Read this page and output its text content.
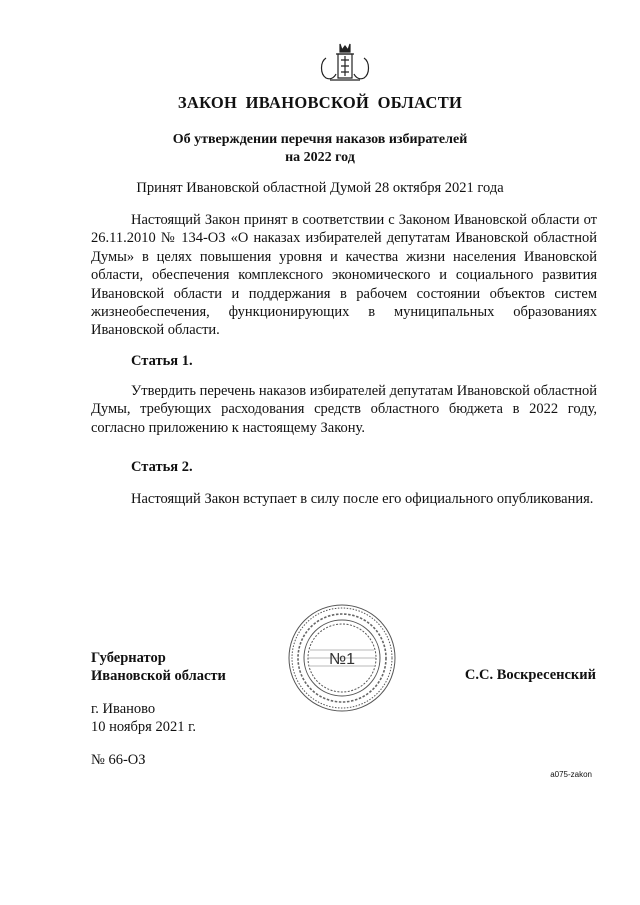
ЗАКОН ИВАНОВСКОЙ ОБЛАСТИ
Об утверждении перечня наказов избирателей
на 2022 год
Принят Ивановской областной Думой 28 октября 2021 года

Настоящий Закон принят в соответствии с Законом Ивановской области от 26.11.2010 № 134-ОЗ «О наказах избирателей депутатам Ивановской областной Думы» в целях повышения уровня и качества жизни населения Ивановской области, обеспечения комплексного экономического и социального развития Ивановской области и поддержания в рабочем состоянии объектов систем жизнеобеспечения, функционирующих в муниципальных образованиях Ивановской области.

Статья 1.

Утвердить перечень наказов избирателей депутатам Ивановской областной Думы, требующих расходования средств областного бюджета в 2022 году, согласно приложению к настоящему Закону.

Статья 2.

Настоящий Закон вступает в силу после его официального опубликования.

Губернатор
Ивановской области
№1
С.С. Воскресенский
г. Иваново
10 ноября 2021 г.
№ 66-ОЗ
a075-zakon
